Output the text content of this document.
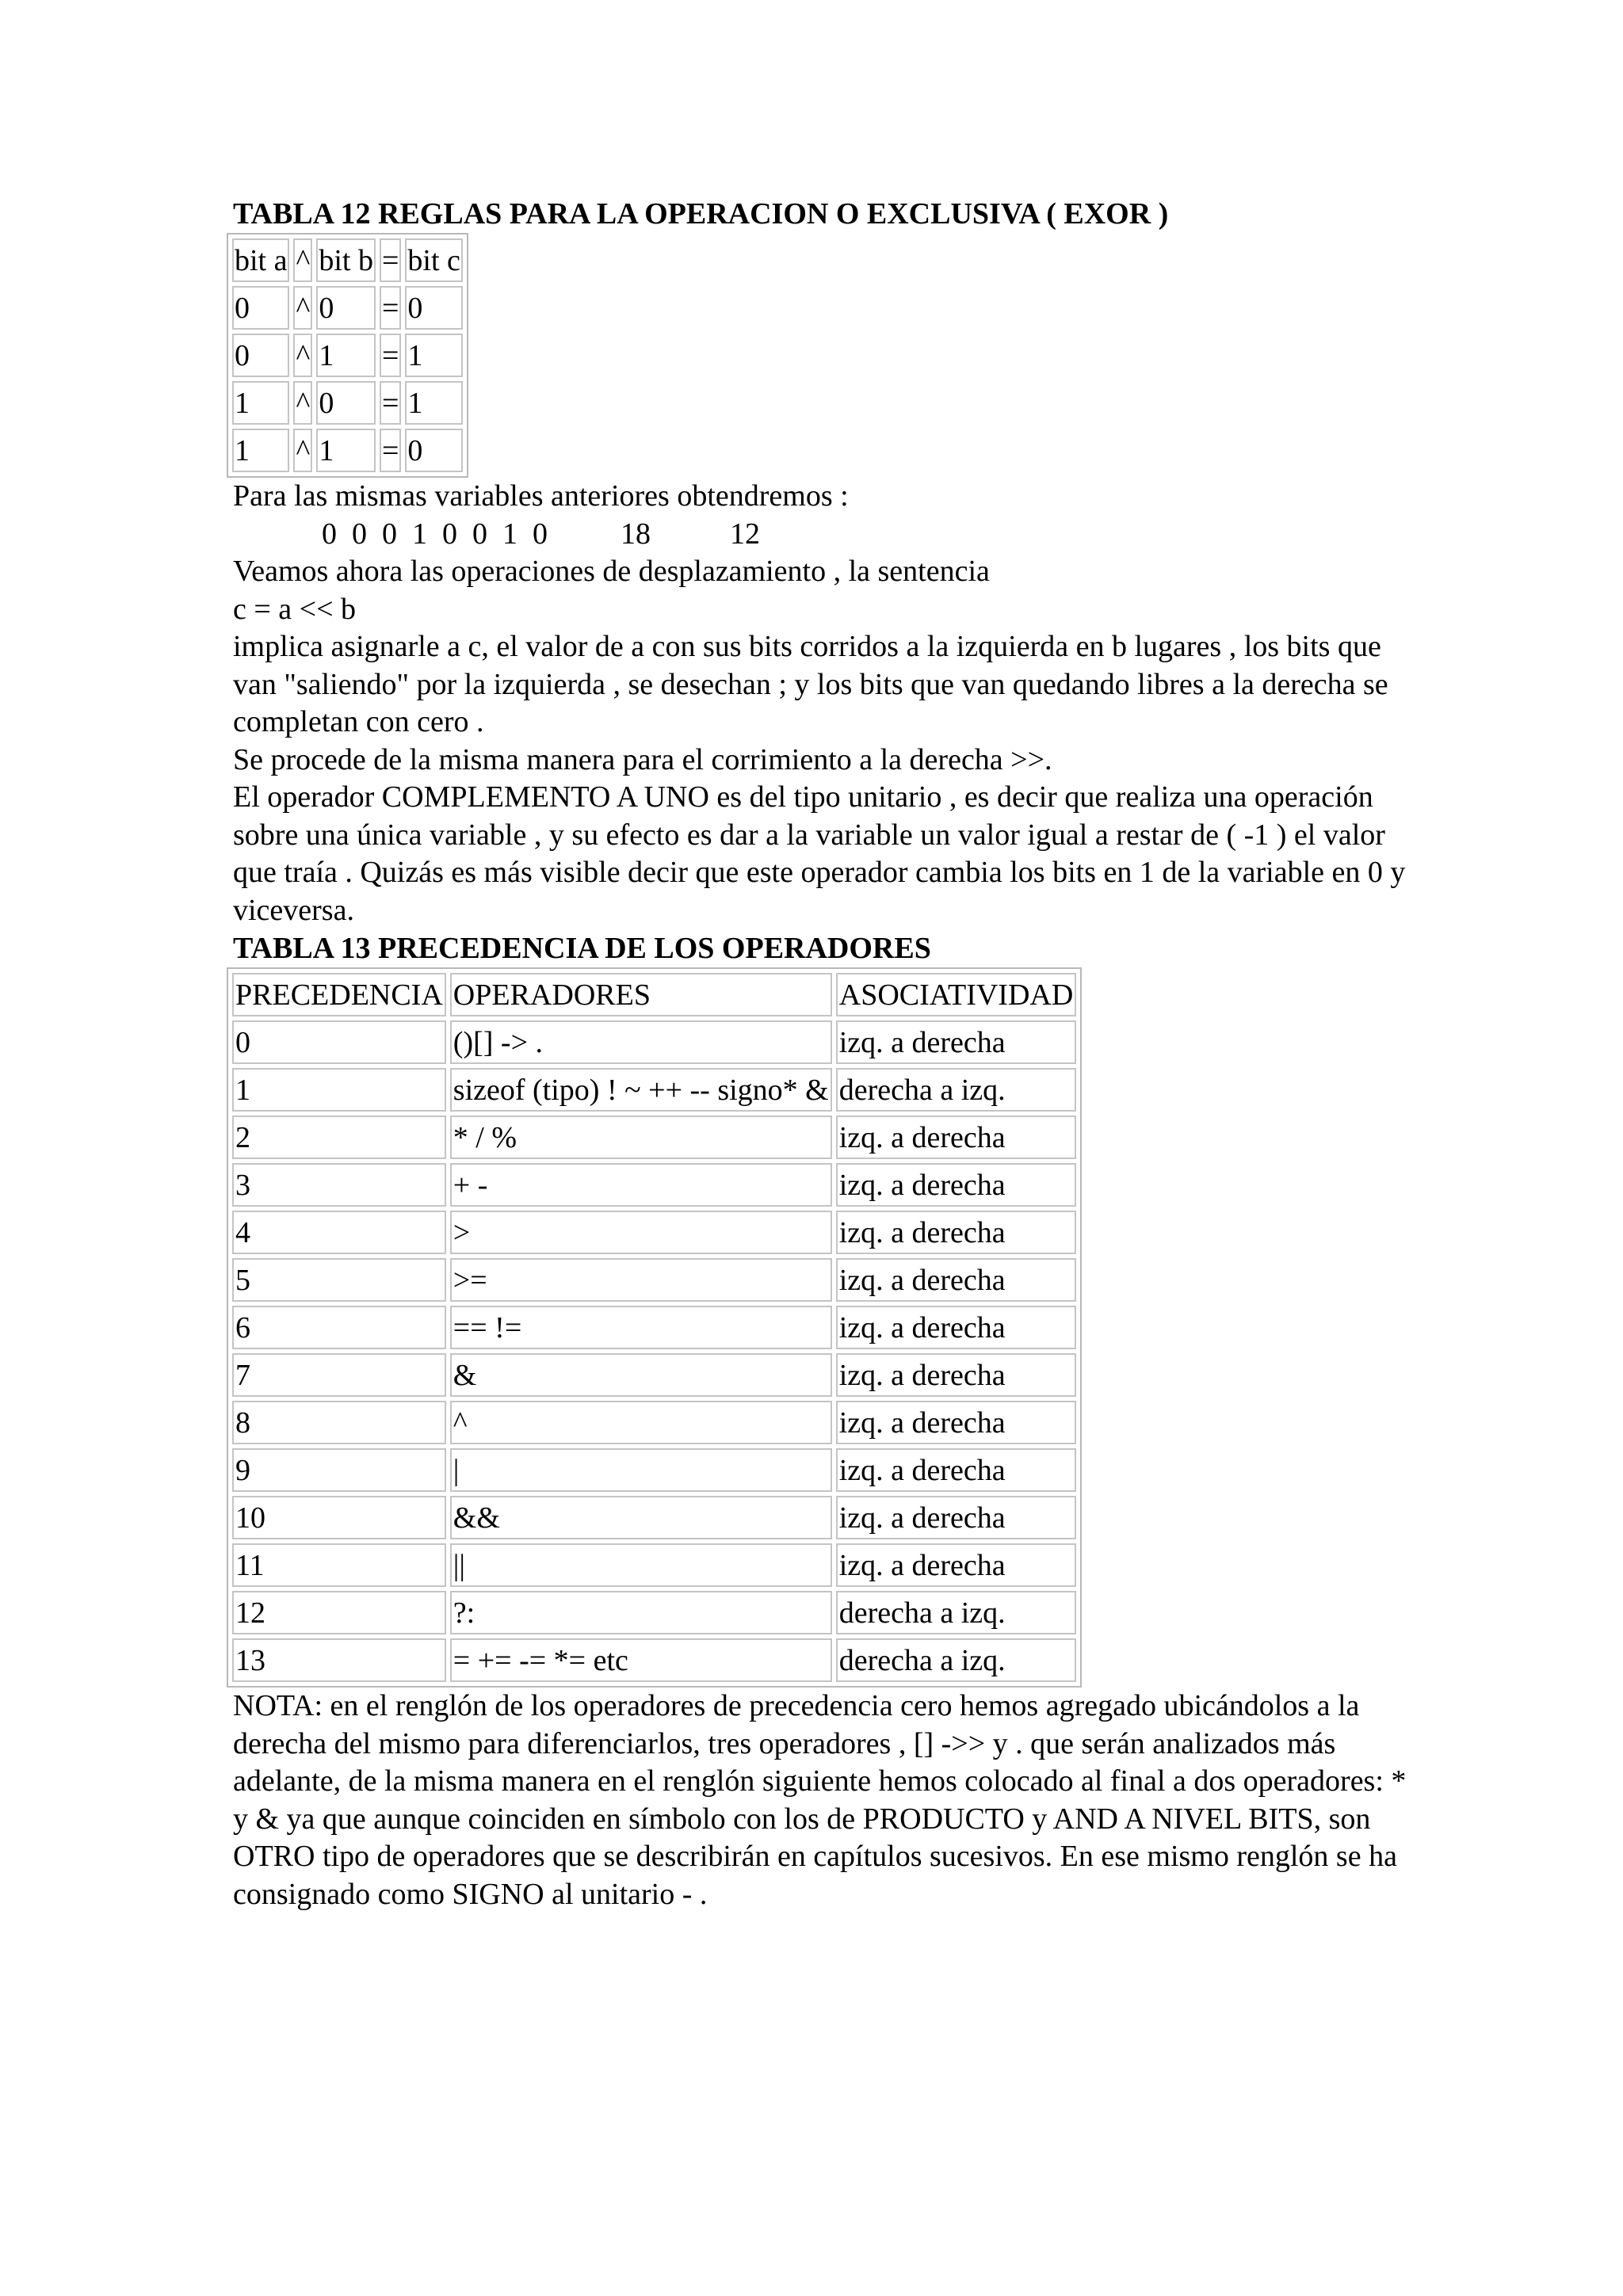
TABLA 12 REGLAS PARA LA OPERACION O EXCLUSIVA ( EXOR )
bit a	^	bit b	=	bit c
0	^	0	=	0
0	^	1	=	1
1	^	0	=	1
1	^	1	=	0

Para las mismas variables anteriores obtendremos :

0  0  0  1  0  0  1  0 18	12

Veamos ahora las operaciones de desplazamiento , la sentencia

c = a << b

implica asignarle a c, el valor de a con sus bits corridos a la izquierda en b lugares , los bits que van "saliendo" por la izquierda , se desechan ; y los bits que van quedando libres a la derecha se completan con cero .

Se procede de la misma manera para el corrimiento a la derecha >>.

El operador COMPLEMENTO A UNO es del tipo unitario , es decir que realiza una operación sobre una única variable , y su efecto es dar a la variable un valor igual a restar de ( -1 ) el valor que traía . Quizás es más visible decir que este operador cambia los bits en 1 de la variable en 0 y viceversa.

TABLA 13 PRECEDENCIA DE LOS OPERADORES
PRECEDENCIA	OPERADORES	ASOCIATIVIDAD
0	()[] -> .	izq. a derecha
1	sizeof (tipo) ! ~ ++ -- signo* &	derecha a izq.
2	* / %	izq. a derecha
3	+ -	izq. a derecha
4	>	izq. a derecha
5	>=	izq. a derecha
6	== !=	izq. a derecha
7	&	izq. a derecha
8	^	izq. a derecha
9	|	izq. a derecha
10	&&	izq. a derecha
11	||	izq. a derecha
12	?:	derecha a izq.
13	= += -= *= etc	derecha a izq.

NOTA: en el renglón de los operadores de precedencia cero hemos agregado ubicándolos a la derecha del mismo para diferenciarlos, tres operadores , [] ->> y . que serán analizados más adelante, de la misma manera en el renglón siguiente hemos colocado al final a dos operadores: * y & ya que aunque coinciden en símbolo con los de PRODUCTO y AND A NIVEL BITS, son OTRO tipo de operadores que se describirán en capítulos sucesivos. En ese mismo renglón se ha consignado como SIGNO al unitario - .
